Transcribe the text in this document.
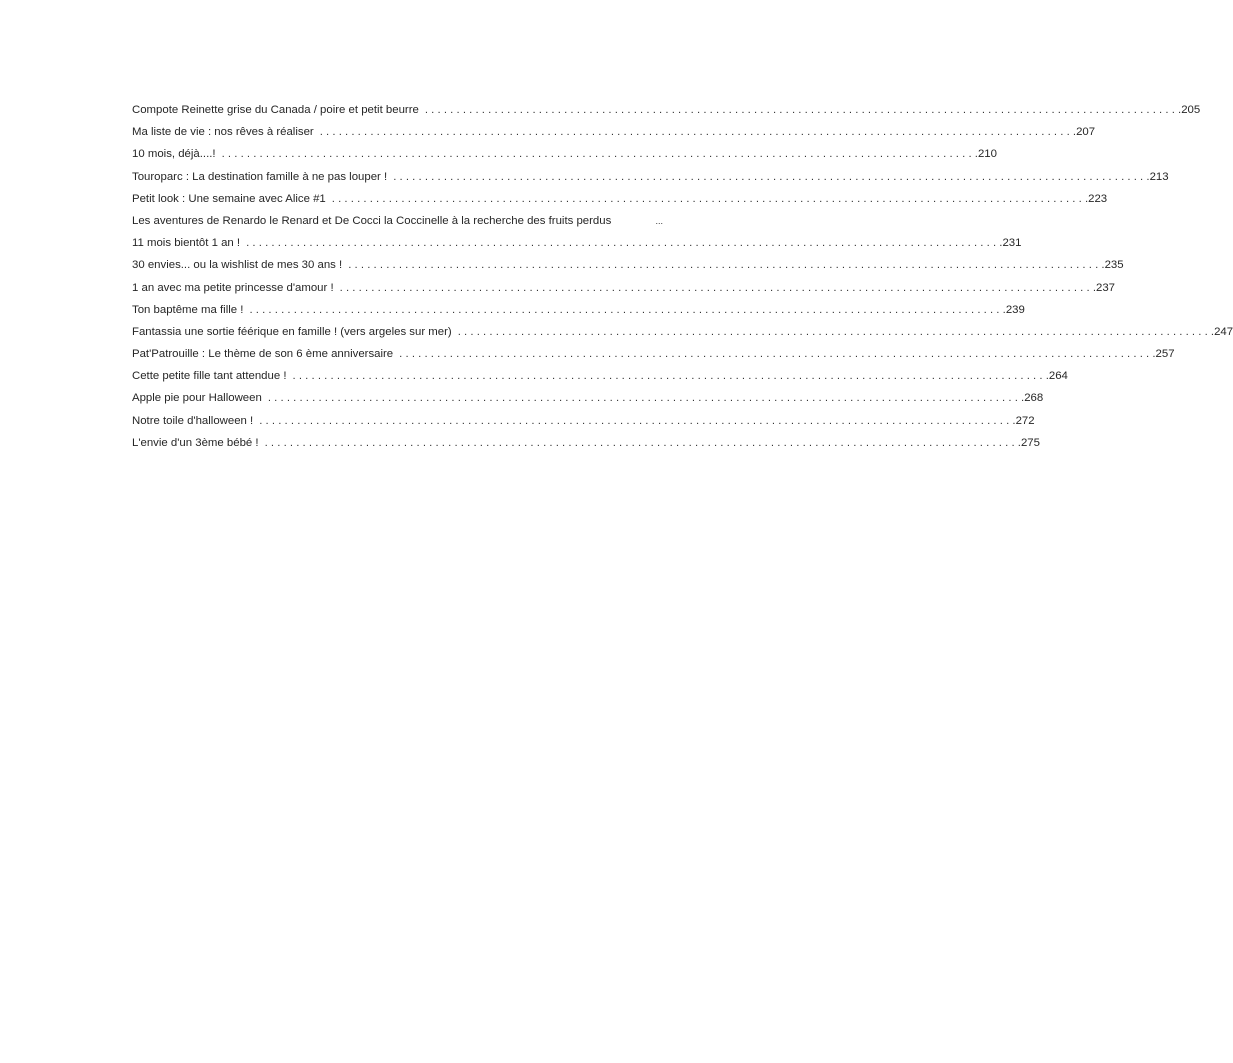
Compote Reinette grise du Canada / poire et petit beurre . . . . . . . . . . . . . . . . . . . . . . . . . . . . . . . . . . . . . . . . . . . . . . . . . . . . . . . . . . . . . . . . . . . . . . . . . . . . . . . . . . . . . . . . . . . . . . . . . . . . . . . . . . . . . . . . . . . . . . . . 205
Ma liste de vie : nos rêves à réaliser . . . . . . . . . . . . . . . . . . . . . . . . . . . . . . . . . . . . . . . . . . . . . . . . . . . . . . . . . . . . . . . . . . . . . . . . . . . . . . . . . . . . . . . . . . . . . . . . . . . . . . . . . . . . . . . . . . . . . . . . 207
10 mois, déjà....! . . . . . . . . . . . . . . . . . . . . . . . . . . . . . . . . . . . . . . . . . . . . . . . . . . . . . . . . . . . . . . . . . . . . . . . . . . . . . . . . . . . . . . . . . . . . . . . . . . . . . . . . . . . . . . . . . . . . . . . . 210
Touroparc : La destination famille à ne pas louper ! . . . . . . . . . . . . . . . . . . . . . . . . . . . . . . . . . . . . . . . . . . . . . . . . . . . . . . . . . . . . . . . . . . . . . . . . . . . . . . . . . . . . . . . . . . . . . . . . . . . . . . . . . . . . . . . . . . . . . . . . 213
Petit look : Une semaine avec Alice #1 . . . . . . . . . . . . . . . . . . . . . . . . . . . . . . . . . . . . . . . . . . . . . . . . . . . . . . . . . . . . . . . . . . . . . . . . . . . . . . . . . . . . . . . . . . . . . . . . . . . . . . . . . . . . . . . . . . . . . . . . 223
Les aventures de Renardo le Renard et De Cocci la Coccinelle à la recherche des fruits perdus	...
11 mois bientôt 1 an ! . . . . . . . . . . . . . . . . . . . . . . . . . . . . . . . . . . . . . . . . . . . . . . . . . . . . . . . . . . . . . . . . . . . . . . . . . . . . . . . . . . . . . . . . . . . . . . . . . . . . . . . . . . . . . . . . . . . . . . . . 231
30 envies... ou la wishlist de mes 30 ans ! . . . . . . . . . . . . . . . . . . . . . . . . . . . . . . . . . . . . . . . . . . . . . . . . . . . . . . . . . . . . . . . . . . . . . . . . . . . . . . . . . . . . . . . . . . . . . . . . . . . . . . . . . . . . . . . . . . . . . . . . 235
1 an avec ma petite princesse d'amour ! . . . . . . . . . . . . . . . . . . . . . . . . . . . . . . . . . . . . . . . . . . . . . . . . . . . . . . . . . . . . . . . . . . . . . . . . . . . . . . . . . . . . . . . . . . . . . . . . . . . . . . . . . . . . . . . . . . . . . . . . 237
Ton baptême ma fille ! . . . . . . . . . . . . . . . . . . . . . . . . . . . . . . . . . . . . . . . . . . . . . . . . . . . . . . . . . . . . . . . . . . . . . . . . . . . . . . . . . . . . . . . . . . . . . . . . . . . . . . . . . . . . . . . . . . . . . . . . 239
Fantassia une sortie féérique en famille ! (vers argeles sur mer) . . . . . . . . . . . . . . . . . . . . . . . . . . . . . . . . . . . . . . . . . . . . . . . . . . . . . . . . . . . . . . . . . . . . . . . . . . . . . . . . . . . . . . . . . . . . . . . . . . . . . . . . . . . . . . . . . . . . . . . . 247
Pat'Patrouille : Le thème de son 6 ème anniversaire . . . . . . . . . . . . . . . . . . . . . . . . . . . . . . . . . . . . . . . . . . . . . . . . . . . . . . . . . . . . . . . . . . . . . . . . . . . . . . . . . . . . . . . . . . . . . . . . . . . . . . . . . . . . . . . . . . . . . . . . 257
Cette petite fille tant attendue ! . . . . . . . . . . . . . . . . . . . . . . . . . . . . . . . . . . . . . . . . . . . . . . . . . . . . . . . . . . . . . . . . . . . . . . . . . . . . . . . . . . . . . . . . . . . . . . . . . . . . . . . . . . . . . . . . . . . . . . . . 264
Apple pie pour Halloween . . . . . . . . . . . . . . . . . . . . . . . . . . . . . . . . . . . . . . . . . . . . . . . . . . . . . . . . . . . . . . . . . . . . . . . . . . . . . . . . . . . . . . . . . . . . . . . . . . . . . . . . . . . . . . . . . . . . . . . . 268
Notre toile d'halloween ! . . . . . . . . . . . . . . . . . . . . . . . . . . . . . . . . . . . . . . . . . . . . . . . . . . . . . . . . . . . . . . . . . . . . . . . . . . . . . . . . . . . . . . . . . . . . . . . . . . . . . . . . . . . . . . . . . . . . . . . . 272
L'envie d'un 3ème bébé ! . . . . . . . . . . . . . . . . . . . . . . . . . . . . . . . . . . . . . . . . . . . . . . . . . . . . . . . . . . . . . . . . . . . . . . . . . . . . . . . . . . . . . . . . . . . . . . . . . . . . . . . . . . . . . . . . . . . . . . . . 275
